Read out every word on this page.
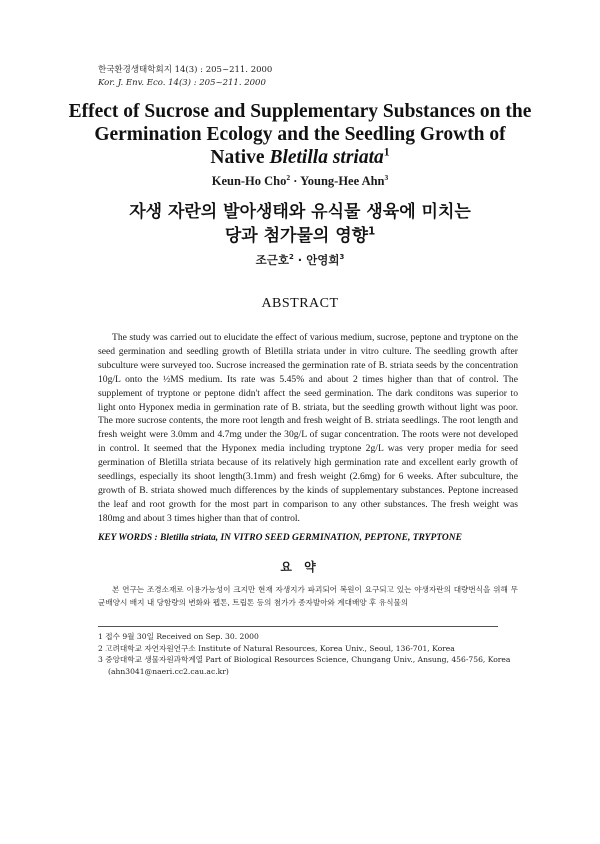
한국환경생태학회지 14(3) : 205~211. 2000
Kor. J. Env. Eco. 14(3) : 205~211. 2000
Effect of Sucrose and Supplementary Substances on the
Germination Ecology and the Seedling Growth of
Native Bletilla striata$^1$
Keun-Ho Cho$^2$ · Young-Hee Ahn$^3$
자생 자란의 발아생태와 유식물 생육에 미치는
당과 첨가물의 영향$^1$
조근호$^2$ · 안영희$^3$
ABSTRACT

The study was carried out to elucidate the effect of various medium, sucrose, peptone and tryptone on the seed germination and seedling growth of Bletilla striata under in vitro culture. The seedling growth after subculture were surveyed too. Sucrose increased the germination rate of B. striata seeds by the concentration 10g/L onto the ½MS medium. Its rate was 5.45% and about 2 times higher than that of control. The supplement of tryptone or peptone didn't affect the seed germination. The dark conditons was superior to light onto Hyponex media in germination rate of B. striata, but the seedling growth without light was poor. The more sucrose contents, the more root length and fresh weight of B. striata seedlings. The root length and fresh weight were 3.0mm and 4.7mg under the 30g/L of sugar concentration. The roots were not developed in control. It seemed that the Hyponex media including tryptone 2g/L was very proper media for seed germination of Bletilla striata because of its relatively high germination rate and excellent early growth of seedlings, especially its shoot length(3.1mm) and fresh weight (2.6mg) for 6 weeks. After subculture, the growth of B. striata showed much differences by the kinds of supplementary substances. Peptone increased the leaf and root growth for the most part in comparison to any other substances. The fresh weight was 180mg and about 3 times higher than that of control.

KEY WORDS : Bletilla striata, IN VITRO SEED GERMINATION, PEPTONE, TRYPTONE
요 약

본 연구는 조경소재로 이용가능성이 크지만 현재 자생지가 파괴되어 복원이 요구되고 있는 야생자란의 대량번식을 위해 무균배양시 배지 내 당함량의 변화와 펩톤, 트립톤 등의 첨가가 종자발아와 계대배양 후 유식물의

1 접수 9월 30일 Received on Sep. 30. 2000

2 고려대학교 자연자원연구소 Institute of Natural Resources, Korea Univ., Seoul, 136-701, Korea

3 중앙대학교 생물자원과학계열 Part of Biological Resources Science, Chungang Univ., Ansung, 456-756, Korea (ahn3041@naeri.cc2.cau.ac.kr)
